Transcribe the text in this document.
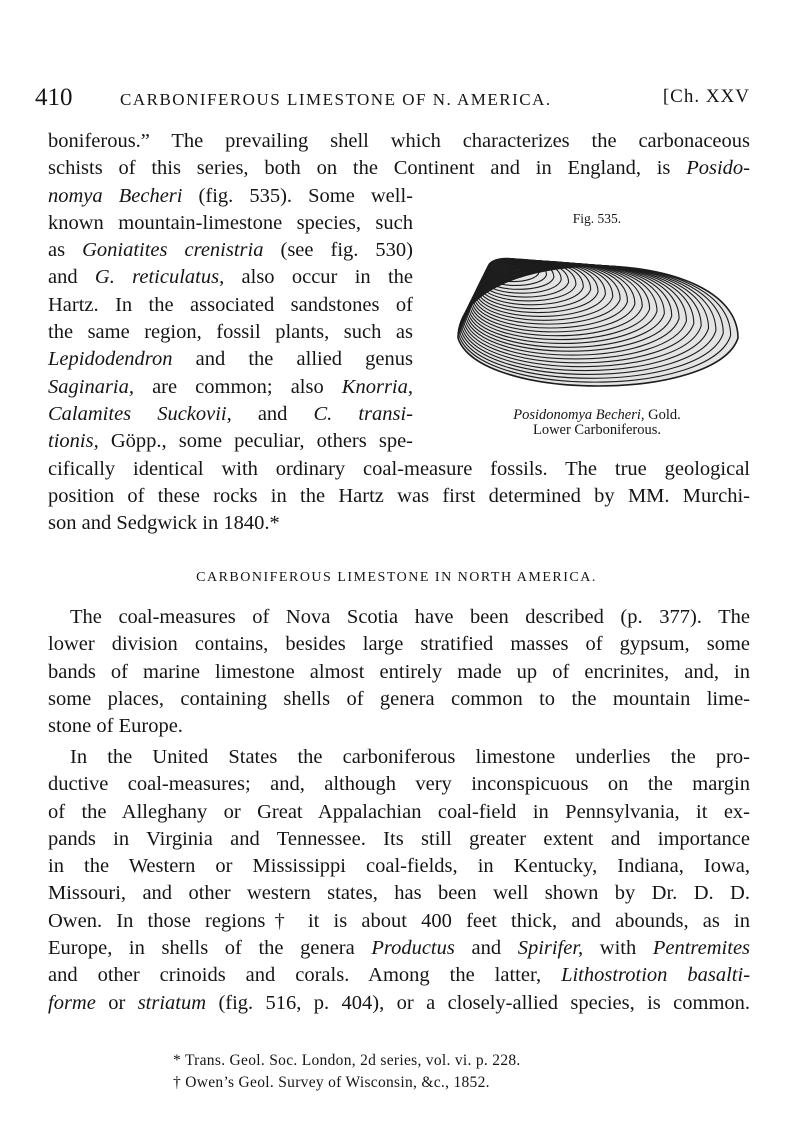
410	CARBONIFEROUS LIMESTONE OF N. AMERICA.	[Ch. XXV
boniferous.” The prevailing shell which characterizes the carbonaceous
schists of this series, both on the Continent and in England, is Posido-
nomya Becheri (fig. 535). Some well-
known mountain-limestone species, such
as Goniatites crenistria (see fig. 530)
and G. reticulatus, also occur in the
Hartz. In the associated sandstones of
the same region, fossil plants, such as
Lepidodendron and the allied genus
Saginaria, are common; also Knorria,
Calamites Suckovii, and C. transi-
tionis, Göpp., some peculiar, others spe-
cifically identical with ordinary coal-measure fossils. The true geological
position of these rocks in the Hartz was first determined by MM. Murchi-
son and Sedgwick in 1840.*
Fig. 535.
Posidonomya Becheri, Gold.
Lower Carboniferous.
CARBONIFEROUS LIMESTONE IN NORTH AMERICA.
The coal-measures of Nova Scotia have been described (p. 377). The
lower division contains, besides large stratified masses of gypsum, some
bands of marine limestone almost entirely made up of encrinites, and, in
some places, containing shells of genera common to the mountain lime-
stone of Europe.
In the United States the carboniferous limestone underlies the pro-
ductive coal-measures; and, although very inconspicuous on the margin
of the Alleghany or Great Appalachian coal-field in Pennsylvania, it ex-
pands in Virginia and Tennessee. Its still greater extent and importance
in the Western or Mississippi coal-fields, in Kentucky, Indiana, Iowa,
Missouri, and other western states, has been well shown by Dr. D. D.
Owen. In those regions† it is about 400 feet thick, and abounds, as in
Europe, in shells of the genera Productus and Spirifer, with Pentremites
and other crinoids and corals. Among the latter, Lithostrotion basalti-
forme or striatum (fig. 516, p. 404), or a closely-allied species, is common.
* Trans. Geol. Soc. London, 2d series, vol. vi. p. 228.
† Owen’s Geol. Survey of Wisconsin, &c., 1852.
